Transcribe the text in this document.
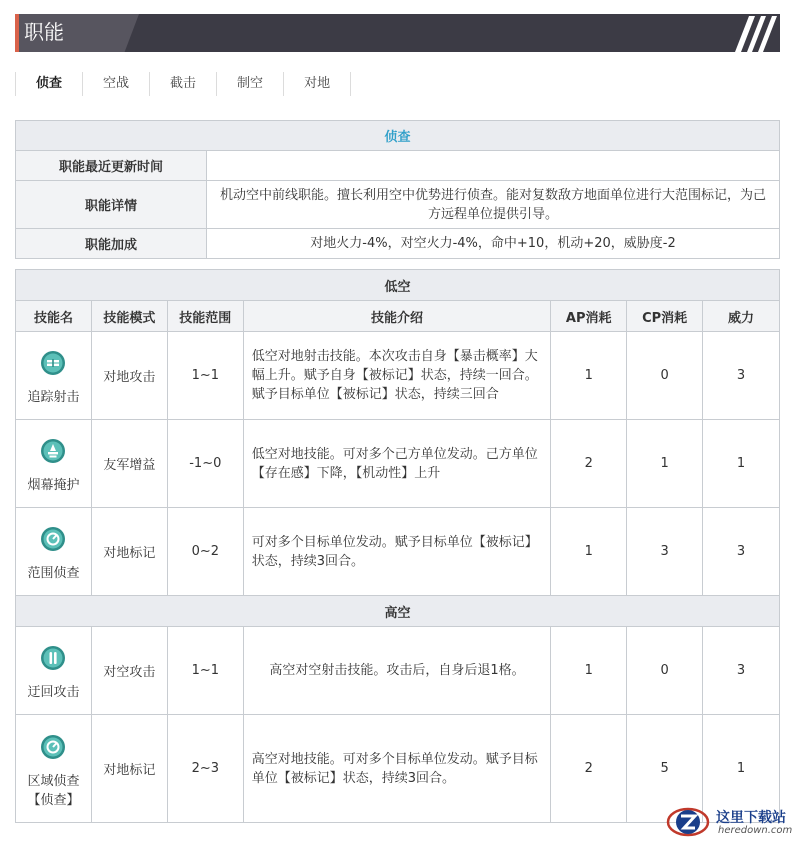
职能
侦查	空战	截击	制空	对地
侦查	
职能最近更新时间	
职能详情	机动空中前线职能。擅长利用空中优势进行侦查。能对复数敌方地面单位进行大范围标记，为己方远程单位提供引导。
职能加成	对地火力-4%，对空火力-4%，命中+10，机动+20，威胁度-2
低空						
技能名	技能模式	技能范围	技能介绍	AP消耗	CP消耗	威力

追踪射击	对地攻击	1~1	低空对地射击技能。本次攻击自身【暴击概率】大幅上升。赋予自身【被标记】状态，持续一回合。赋予目标单位【被标记】状态，持续三回合	1	0	3

烟幕掩护	友军增益	-1~0	低空对地技能。可对多个己方单位发动。己方单位【存在感】下降，【机动性】上升	2	1	1

范围侦查	对地标记	0~2	可对多个目标单位发动。赋予目标单位【被标记】状态，持续3回合。	1	3	3
高空						

迂回攻击	对空攻击	1~1	高空对空射击技能。攻击后，自身后退1格。	1	0	3

区域侦查【侦查】	对地标记	2~3	高空对地技能。可对多个目标单位发动。赋予目标单位【被标记】状态，持续3回合。	2	5	1
这里下载站
heredown.com
